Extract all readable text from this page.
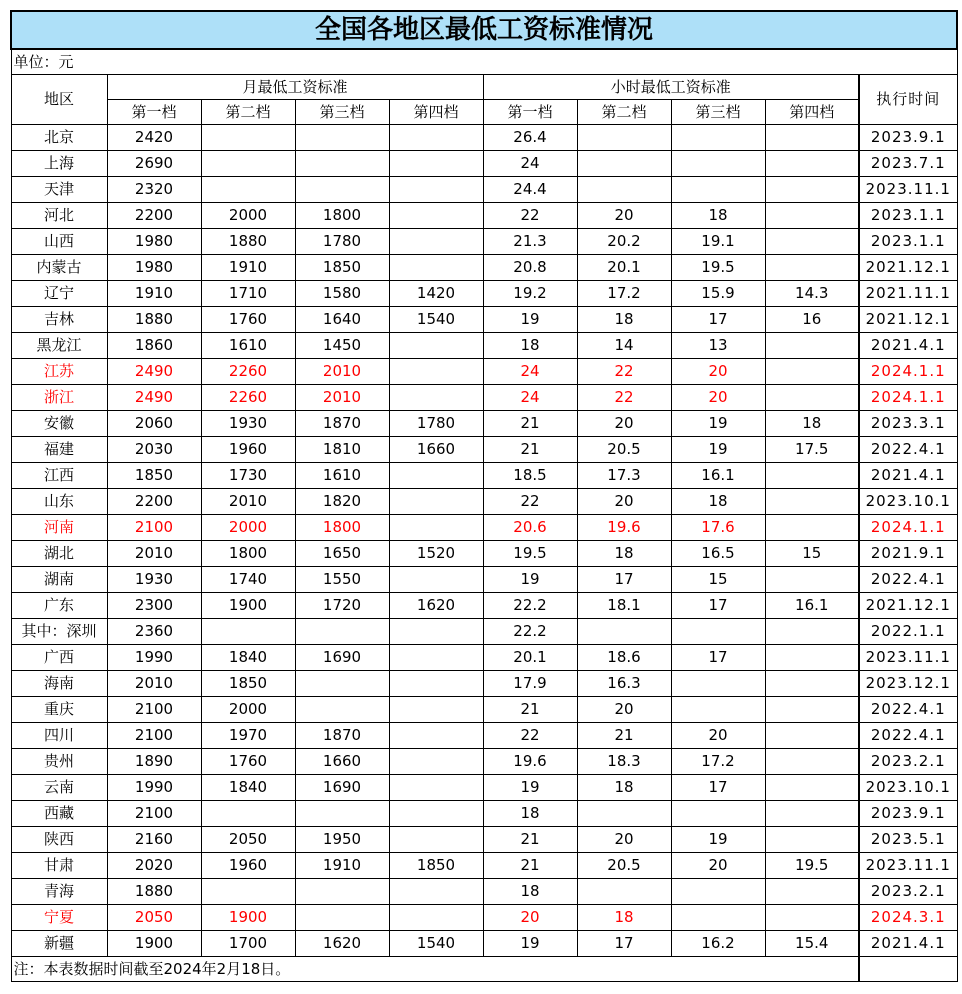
全国各地区最低工资标准情况									
单位：元									
地区	月最低工资标准				小时最低工资标准				执行时间
	第一档	第二档	第三档	第四档	第一档	第二档	第三档	第四档	
北京	2420				26.4				2023.9.1
上海	2690				24				2023.7.1
天津	2320				24.4				2023.11.1
河北	2200	2000	1800		22	20	18		2023.1.1
山西	1980	1880	1780		21.3	20.2	19.1		2023.1.1
内蒙古	1980	1910	1850		20.8	20.1	19.5		2021.12.1
辽宁	1910	1710	1580	1420	19.2	17.2	15.9	14.3	2021.11.1
吉林	1880	1760	1640	1540	19	18	17	16	2021.12.1
黑龙江	1860	1610	1450		18	14	13		2021.4.1
江苏	2490	2260	2010		24	22	20		2024.1.1
浙江	2490	2260	2010		24	22	20		2024.1.1
安徽	2060	1930	1870	1780	21	20	19	18	2023.3.1
福建	2030	1960	1810	1660	21	20.5	19	17.5	2022.4.1
江西	1850	1730	1610		18.5	17.3	16.1		2021.4.1
山东	2200	2010	1820		22	20	18		2023.10.1
河南	2100	2000	1800		20.6	19.6	17.6		2024.1.1
湖北	2010	1800	1650	1520	19.5	18	16.5	15	2021.9.1
湖南	1930	1740	1550		19	17	15		2022.4.1
广东	2300	1900	1720	1620	22.2	18.1	17	16.1	2021.12.1
其中：深圳	2360				22.2				2022.1.1
广西	1990	1840	1690		20.1	18.6	17		2023.11.1
海南	2010	1850			17.9	16.3			2023.12.1
重庆	2100	2000			21	20			2022.4.1
四川	2100	1970	1870		22	21	20		2022.4.1
贵州	1890	1760	1660		19.6	18.3	17.2		2023.2.1
云南	1990	1840	1690		19	18	17		2023.10.1
西藏	2100				18				2023.9.1
陕西	2160	2050	1950		21	20	19		2023.5.1
甘肃	2020	1960	1910	1850	21	20.5	20	19.5	2023.11.1
青海	1880				18				2023.2.1
宁夏	2050	1900			20	18			2024.3.1
新疆	1900	1700	1620	1540	19	17	16.2	15.4	2021.4.1
注：本表数据时间截至2024年2月18日。									
